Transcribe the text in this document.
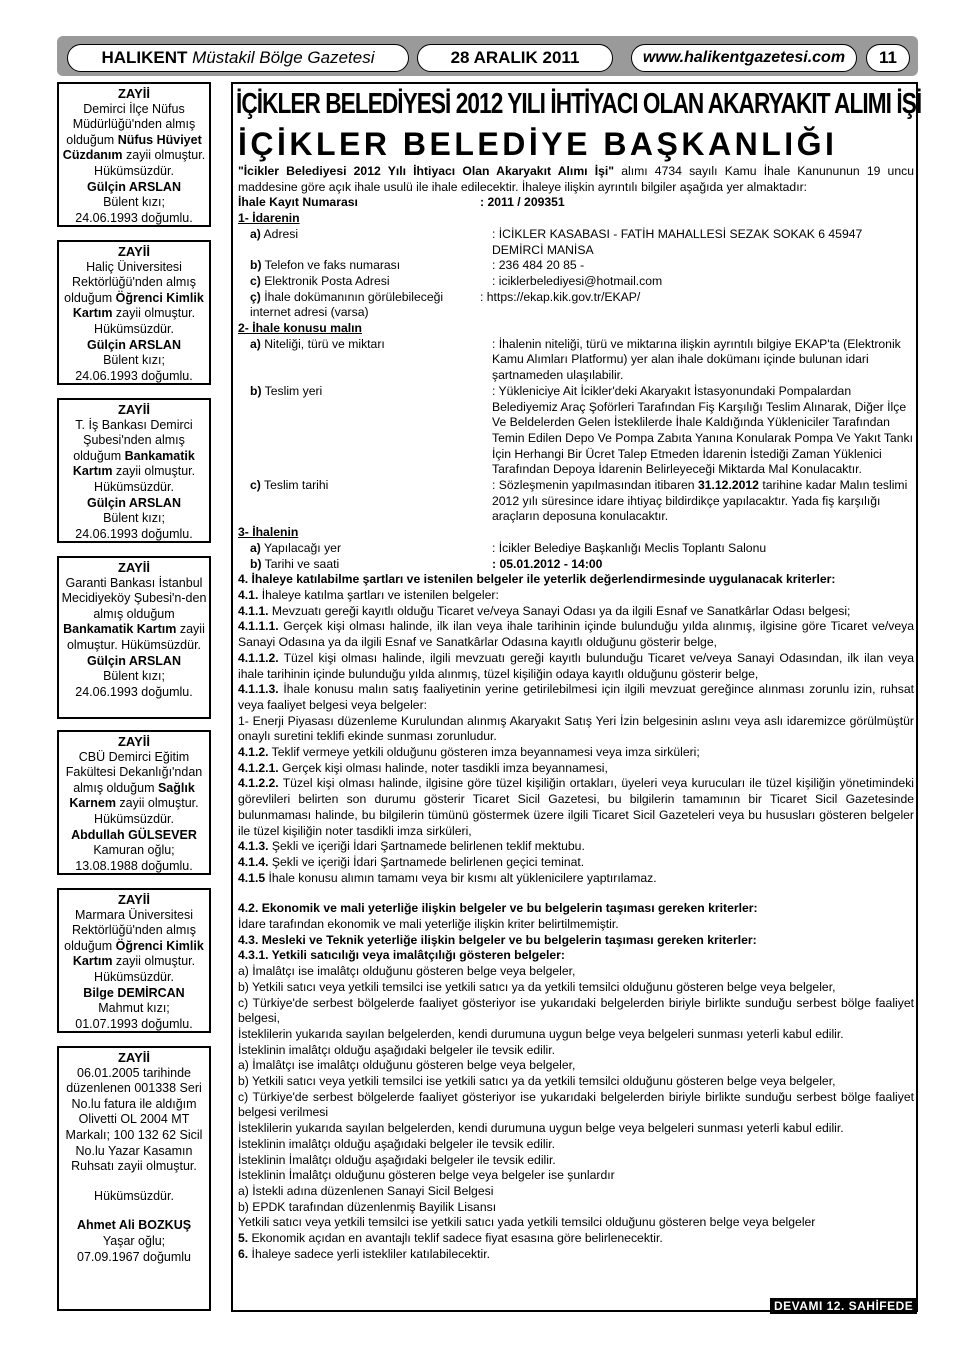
HALIKENT
Müstakil Bölge Gazetesi	28 ARALIK 2011	www.halikentgazetesi.com 11
ZAYİİ
Demirci İlçe Nüfus Müdürlüğü'nden almış olduğum Nüfus Hüviyet Cüzdanım zayii olmuştur. Hükümsüzdür.
Gülçin ARSLAN
Bülent kızı;
24.06.1993 doğumlu.
ZAYİİ
Haliç Üniversitesi Rektörlüğü'nden almış olduğum Öğrenci Kimlik Kartım zayii olmuştur. Hükümsüzdür.
Gülçin ARSLAN
Bülent kızı;
24.06.1993 doğumlu.
ZAYİİ
T. İş Bankası Demirci Şubesi'nden almış olduğum Bankamatik Kartım zayii olmuştur. Hükümsüzdür.
Gülçin ARSLAN
Bülent kızı;
24.06.1993 doğumlu.
ZAYİİ
Garanti Bankası İstanbul Mecidiyeköy Şubesi'n-den almış olduğum Bankamatik Kartım zayii olmuştur. Hükümsüzdür.
Gülçin ARSLAN
Bülent kızı;
24.06.1993 doğumlu.
ZAYİİ
CBÜ Demirci Eğitim Fakültesi Dekanlığı'ndan almış olduğum Sağlık Karnem zayii olmuştur. Hükümsüzdür.
Abdullah GÜLSEVER
Kamuran oğlu;
13.08.1988 doğumlu.
ZAYİİ
Marmara Üniversitesi Rektörlüğü'nden almış olduğum Öğrenci Kimlik Kartım zayii olmuştur. Hükümsüzdür.
Bilge DEMİRCAN
Mahmut kızı;
01.07.1993 doğumlu.
ZAYİİ
06.01.2005 tarihinde düzenlenen 001338 Seri No.lu fatura ile aldığım Olivetti OL 2004 MT Markalı; 100 132 62 Sicil No.lu Yazar Kasamın Ruhsatı zayii olmuştur.
Hükümsüzdür.
Ahmet Ali BOZKUŞ
Yaşar oğlu;
07.09.1967 doğumlu
İÇİKLER BELEDİYESİ 2012 YILI İHTİYACI OLAN AKARYAKIT ALIMI İŞİ
İÇİKLER BELEDİYE BAŞKANLIĞI

"İcikler Belediyesi 2012 Yılı İhtiyacı Olan Akaryakıt Alımı İşi" alımı 4734 sayılı Kamu İhale Kanununun 19 uncu maddesine göre açık ihale usulü ile ihale edilecektir. İhaleye ilişkin ayrıntılı bilgiler aşağıda yer almaktadır:

İhale Kayıt Numarası	: 2011 / 209351

1- İdarenin

a) Adresi	: İCİKLER KASABASI - FATİH MAHALLESİ SEZAK SOKAK 6 45947 DEMİRCİ MANİSA
b) Telefon ve faks numarası	: 236 484 20 85 -
c) Elektronik Posta Adresi	: iciklerbelediyesi@hotmail.com
ç) İhale dokümanının görülebileceği internet adresi (varsa)
: https://ekap.kik.gov.tr/EKAP/

2- İhale konusu malın

a) Niteliği, türü ve miktarı	: İhalenin niteliği, türü ve miktarına ilişkin ayrıntılı bilgiye EKAP'ta (Elektronik Kamu Alımları Platformu) yer alan ihale dokümanı içinde bulunan idari şartnameden ulaşılabilir.
b) Teslim yeri	: Yükleniciye Ait İcikler'deki Akaryakıt İstasyonundaki Pompalardan Belediyemiz Araç Şoförleri Tarafından Fiş Karşılığı Teslim Alınarak, Diğer İlçe Ve Beldelerden Gelen İsteklilerde İhale Kaldığında Yükleniciler Tarafından Temin Edilen Depo Ve Pompa Zabıta Yanına Konularak Pompa Ve Yakıt Tankı İçin Herhangi Bir Ücret Talep Etmeden İdarenin İstediği Zaman Yüklenici Tarafından Depoya İdarenin Belirleyeceği Miktarda Mal Konulacaktır.
c) Teslim tarihi	: Sözleşmenin yapılmasından itibaren 31.12.2012 tarihine kadar Malın teslimi 2012 yılı süresince idare ihtiyaç bildirdikçe yapılacaktır. Yada fiş karşılığı araçların deposuna konulacaktır.

3- İhalenin

a) Yapılacağı yer	: İcikler Belediye Başkanlığı Meclis Toplantı Salonu
b) Tarihi ve saati	: 05.01.2012 - 14:00

4. İhaleye katılabilme şartları ve istenilen belgeler ile yeterlik değerlendirmesinde uygulanacak kriterler:

4.1. İhaleye katılma şartları ve istenilen belgeler:

4.1.1. Mevzuatı gereği kayıtlı olduğu Ticaret ve/veya Sanayi Odası ya da ilgili Esnaf ve Sanatkârlar Odası belgesi;

4.1.1.1. Gerçek kişi olması halinde, ilk ilan veya ihale tarihinin içinde bulunduğu yılda alınmış, ilgisine göre Ticaret ve/veya Sanayi Odasına ya da ilgili Esnaf ve Sanatkârlar Odasına kayıtlı olduğunu gösterir belge,

4.1.1.2. Tüzel kişi olması halinde, ilgili mevzuatı gereği kayıtlı bulunduğu Ticaret ve/veya Sanayi Odasından, ilk ilan veya ihale tarihinin içinde bulunduğu yılda alınmış, tüzel kişiliğin odaya kayıtlı olduğunu gösterir belge,

4.1.1.3. İhale konusu malın satış faaliyetinin yerine getirilebilmesi için ilgili mevzuat gereğince alınması zorunlu izin, ruhsat veya faaliyet belgesi veya belgeler:

1- Enerji Piyasası düzenleme Kurulundan alınmış Akaryakıt Satış Yeri İzin belgesinin aslını veya aslı idaremizce görülmüştür onaylı suretini teklifi ekinde sunması zorunludur.

4.1.2. Teklif vermeye yetkili olduğunu gösteren imza beyannamesi veya imza sirküleri;

4.1.2.1. Gerçek kişi olması halinde, noter tasdikli imza beyannamesi,

4.1.2.2. Tüzel kişi olması halinde, ilgisine göre tüzel kişiliğin ortakları, üyeleri veya kurucuları ile tüzel kişiliğin yönetimindeki görevlileri belirten son durumu gösterir Ticaret Sicil Gazetesi, bu bilgilerin tamamının bir Ticaret Sicil Gazetesinde bulunmaması halinde, bu bilgilerin tümünü göstermek üzere ilgili Ticaret Sicil Gazeteleri veya bu hususları gösteren belgeler ile tüzel kişiliğin noter tasdikli imza sirküleri,

4.1.3. Şekli ve içeriği İdari Şartnamede belirlenen teklif mektubu.

4.1.4. Şekli ve içeriği İdari Şartnamede belirlenen geçici teminat.

4.1.5 İhale konusu alımın tamamı veya bir kısmı alt yüklenicilere yaptırılamaz.

4.2. Ekonomik ve mali yeterliğe ilişkin belgeler ve bu belgelerin taşıması gereken kriterler:

İdare tarafından ekonomik ve mali yeterliğe ilişkin kriter belirtilmemiştir.

4.3. Mesleki ve Teknik yeterliğe ilişkin belgeler ve bu belgelerin taşıması gereken kriterler:

4.3.1. Yetkili satıcılığı veya imalâtçılığı gösteren belgeler:

a) İmalâtçı ise imalâtçı olduğunu gösteren belge veya belgeler,

b) Yetkili satıcı veya yetkili temsilci ise yetkili satıcı ya da yetkili temsilci olduğunu gösteren belge veya belgeler,

c) Türkiye'de serbest bölgelerde faaliyet gösteriyor ise yukarıdaki belgelerden biriyle birlikte sunduğu serbest bölge faaliyet belgesi,

İsteklilerin yukarıda sayılan belgelerden, kendi durumuna uygun belge veya belgeleri sunması yeterli kabul edilir.

İsteklinin imalâtçı olduğu aşağıdaki belgeler ile tevsik edilir.

a) İmalâtçı ise imalâtçı olduğunu gösteren belge veya belgeler,

b) Yetkili satıcı veya yetkili temsilci ise yetkili satıcı ya da yetkili temsilci olduğunu gösteren belge veya belgeler,

c) Türkiye'de serbest bölgelerde faaliyet gösteriyor ise yukarıdaki belgelerden biriyle birlikte sunduğu serbest bölge faaliyet belgesi verilmesi

İsteklilerin yukarıda sayılan belgelerden, kendi durumuna uygun belge veya belgeleri sunması yeterli kabul edilir.

İsteklinin imalâtçı olduğu aşağıdaki belgeler ile tevsik edilir.

İsteklinin İmalâtçı olduğu aşağıdaki belgeler ile tevsik edilir.

İsteklinin İmalâtçı olduğunu gösteren belge veya belgeler ise şunlardır

a) İstekli adına düzenlenen Sanayi Sicil Belgesi

b) EPDK tarafından düzenlenmiş Bayilik Lisansı

Yetkili satıcı veya yetkili temsilci ise yetkili satıcı yada yetkili temsilci olduğunu gösteren belge veya belgeler

5. Ekonomik açıdan en avantajlı teklif sadece fiyat esasına göre belirlenecektir.

6. İhaleye sadece yerli istekliler katılabilecektir.

DEVAMI 12. SAHİFEDE
